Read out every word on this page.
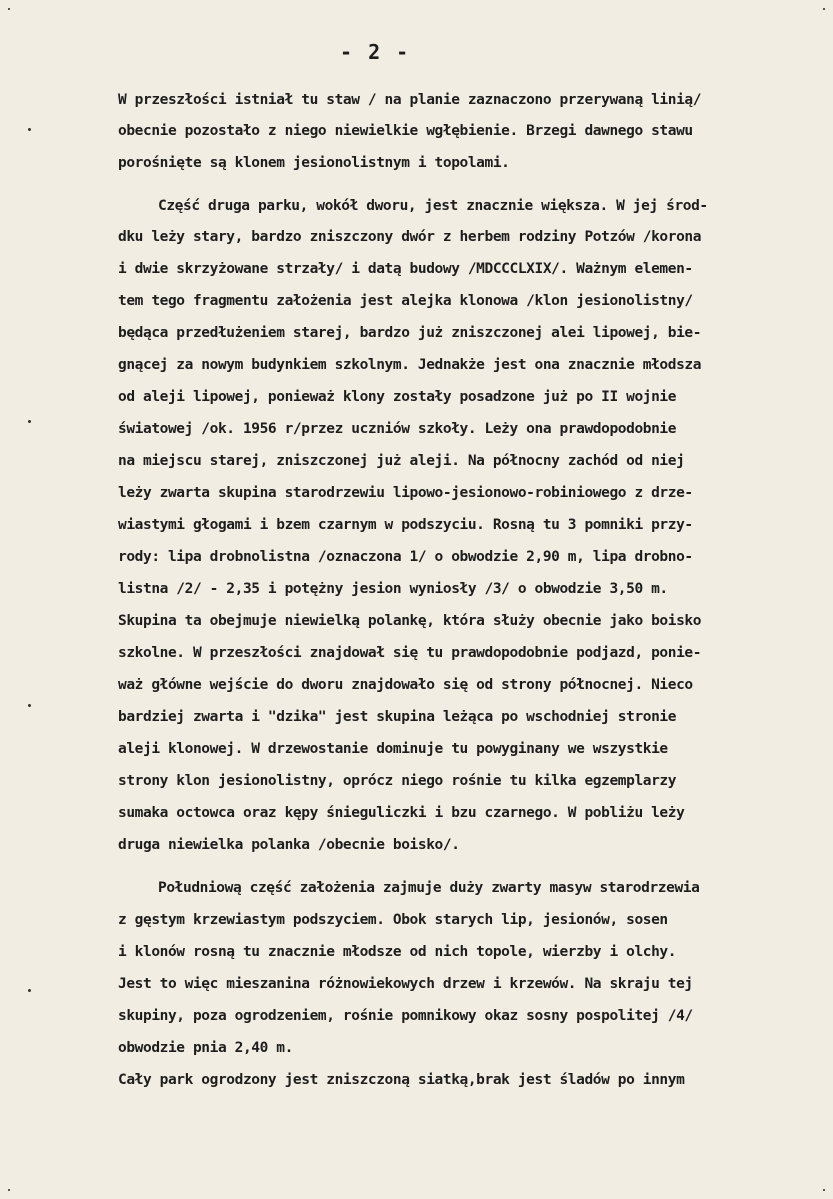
- 2 -
W przeszłości istniał tu staw / na planie zaznaczono przerywaną linią/
obecnie pozostało z niego niewielkie wgłębienie. Brzegi dawnego stawu
porośnięte są klonem jesionolistnym i topolami.
Część druga parku, wokół dworu, jest znacznie większa. W jej środ-
dku leży stary, bardzo zniszczony dwór z herbem rodziny Potzów /korona
i dwie skrzyżowane strzały/ i datą budowy /MDCCCLXIX/. Ważnym elemen-
tem tego fragmentu założenia jest alejka klonowa /klon jesionolistny/
będąca przedłużeniem starej, bardzo już zniszczonej alei lipowej, bie-
gnącej za nowym budynkiem szkolnym. Jednakże jest ona znacznie młodsza
od aleji lipowej, ponieważ klony zostały posadzone już po II wojnie
światowej /ok. 1956 r/przez uczniów szkoły. Leży ona prawdopodobnie
na miejscu starej, zniszczonej już aleji. Na północny zachód od niej
leży zwarta skupina starodrzewiu lipowo-jesionowo-robiniowego z drze-
wiastymi głogami i bzem czarnym w podszyciu. Rosną tu 3 pomniki przy-
rody: lipa drobnolistna /oznaczona 1/ o obwodzie 2,90 m, lipa drobno-
listna /2/ - 2,35 i potężny jesion wyniosły /3/ o obwodzie 3,50 m.
Skupina ta obejmuje niewielką polankę, która służy obecnie jako boisko
szkolne. W przeszłości znajdował się tu prawdopodobnie podjazd, ponie-
waż główne wejście do dworu znajdowało się od strony północnej. Nieco
bardziej zwarta i "dzika" jest skupina leżąca po wschodniej stronie
aleji klonowej. W drzewostanie dominuje tu powyginany we wszystkie
strony klon jesionolistny, oprócz niego rośnie tu kilka egzemplarzy
sumaka octowca oraz kępy śnieguliczki i bzu czarnego. W pobliżu leży
druga niewielka polanka /obecnie boisko/.
Południową część założenia zajmuje duży zwarty masyw starodrzewia
z gęstym krzewiastym podszyciem. Obok starych lip, jesionów, sosen
i klonów rosną tu znacznie młodsze od nich topole, wierzby i olchy.
Jest to więc mieszanina różnowiekowych drzew i krzewów. Na skraju tej
skupiny, poza ogrodzeniem, rośnie pomnikowy okaz sosny pospolitej /4/
obwodzie pnia 2,40 m.
Cały park ogrodzony jest zniszczoną siatką,brak jest śladów po innym
